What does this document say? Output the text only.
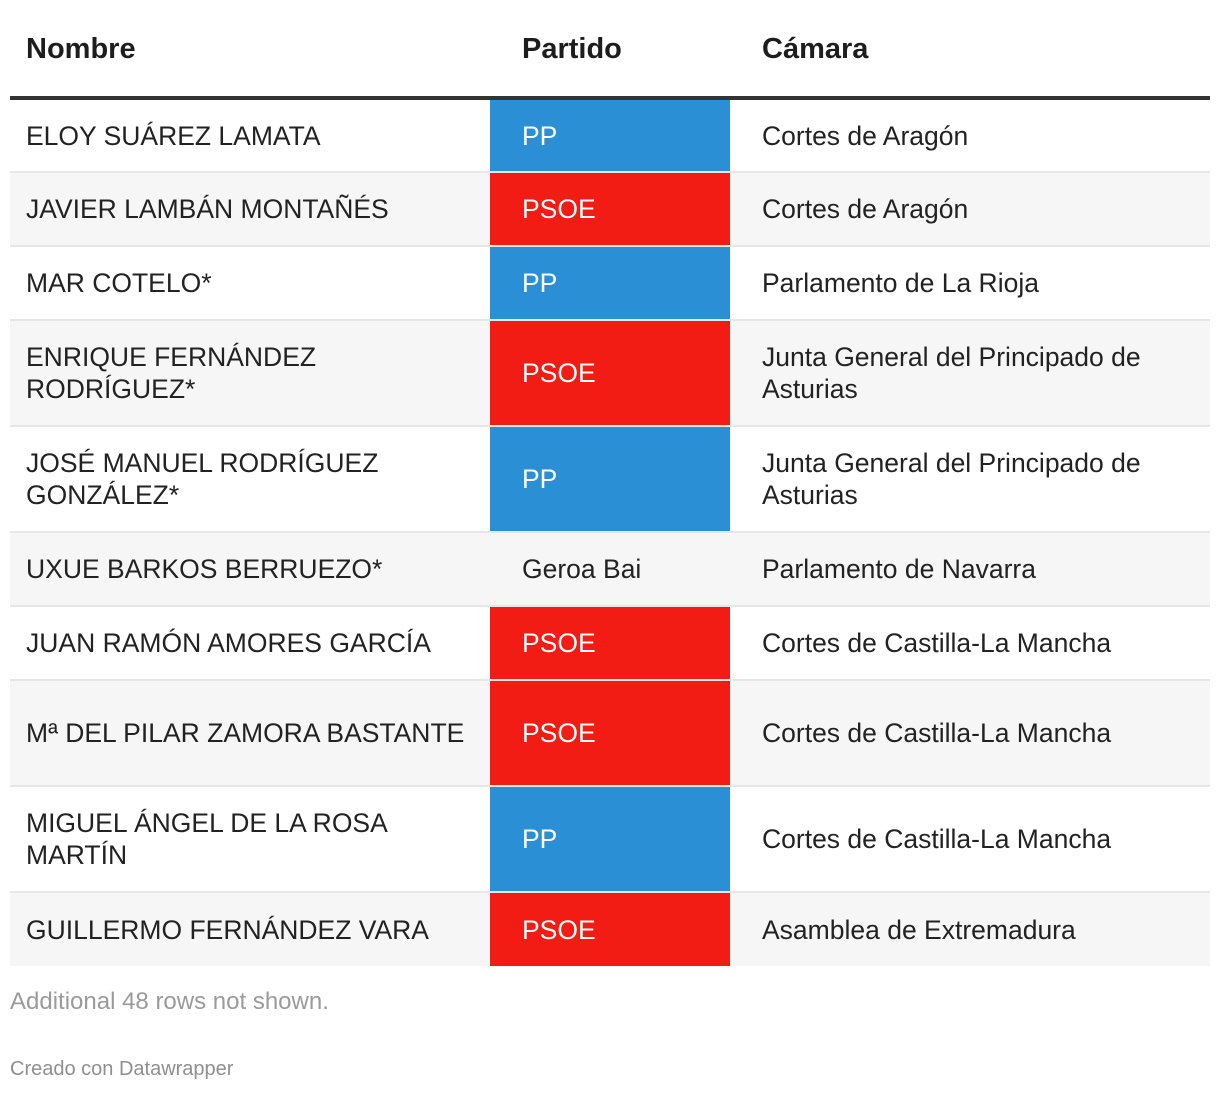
Nombre	Partido	Cámara
ELOY SUÁREZ LAMATA	PP	Cortes de Aragón
JAVIER LAMBÁN MONTAÑÉS	PSOE	Cortes de Aragón
MAR COTELO*	PP	Parlamento de La Rioja
ENRIQUE FERNÁNDEZ RODRÍGUEZ*	PSOE	Junta General del Principado de Asturias
JOSÉ MANUEL RODRÍGUEZ GONZÁLEZ*	PP	Junta General del Principado de Asturias
UXUE BARKOS BERRUEZO*	Geroa Bai	Parlamento de Navarra
JUAN RAMÓN AMORES GARCÍA	PSOE	Cortes de Castilla-La Mancha
Mª DEL PILAR ZAMORA BASTANTE	PSOE	Cortes de Castilla-La Mancha
MIGUEL ÁNGEL DE LA ROSA MARTÍN	PP	Cortes de Castilla-La Mancha
GUILLERMO FERNÁNDEZ VARA	PSOE	Asamblea de Extremadura
Additional 48 rows not shown.
Creado con Datawrapper
